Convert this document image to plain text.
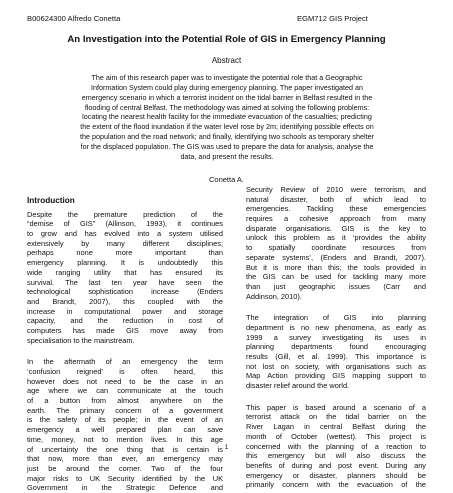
B00624300 Alfredo Conetta	EGM712 GIS Project
An Investigation into the Potential Role of GIS in Emergency Planning
Abstract
The aim of this research paper was to investigate the potential role that a Geographic
Information System could play during emergency planning. The paper investigated an
emergency scenario in which a terrorist incident on the tidal barrier in Belfast resulted in the
flooding of central Belfast. The methodology was aimed at solving the following problems:
locating the nearest health facility for the immediate evacuation of the casualties; predicting
the extent of the flood inundation if the water level rose by 2m; identifying possible effects on
the population and the road network; and finally, identifying two schools as temporary shelter
for the displaced population. The GIS was used to prepare the data for analysis, analyse the
data, and present the results.
Conetta A.
Introduction
Despite the premature prediction of the
“demise of GIS” (Allinson, 1993), it continues
to grow and has evolved into a system utilised
extensively by many different disciplines;
perhaps none more important than
emergency planning. It is undoubtedly this
wide ranging utility that has ensured its
survival. The last ten year have seen the
technological sophistication increase (Enders
and Brandt, 2007), this coupled with the
increase in computational power and storage
capacity, and the reduction in cost of
computers has made GIS move away from
specialisation to the mainstream.
In the aftermath of an emergency the term
‘confusion reigned’ is often heard, this
however does not need to be the case in an
age where we can communicate at the touch
of a button from almost anywhere on the
earth. The primary concern of a government
is the safety of its people; in the event of an
emergency a well prepared plan can save
time, money, not to mention lives. In this age
of uncertainty the one thing that is certain is
that now, more than ever, an emergency may
just be around the corner. Two of the four
major risks to UK Security identified by the UK
Government in the Strategic Defence and
Security Review of 2010 were terrorism, and
natural disaster, both of which lead to
emergencies. Tackling these emergencies
requires a cohesive approach from many
disparate organisations. GIS is the key to
unlock this problem as it ‘provides the ability
to spatially coordinate resources from
separate systems’, (Enders and Brandt, 2007).
But it is more than this; the tools provided in
the GIS can be used for tackling many more
than just geographic issues (Carr and
Addinson, 2010).
The integration of GIS into planning
department is no new phenomena, as early as
1999 a survey investigating its uses in
planning departments found encouraging
results (Gill, et al. 1999). This importance is
not lost on society, with organisations such as
Map Action providing GIS mapping support to
disaster relief around the world.
This paper is based around a scenario of a
terrorist attack on the tidal barrier on the
River Lagan in central Belfast during the
month of October (wettest). This project is
concerned with the planning of a reaction to
this emergency but will also discuss the
benefits of during and post event. During any
emergency or disaster, planners should be
primarily concern with the evacuation of the
1
